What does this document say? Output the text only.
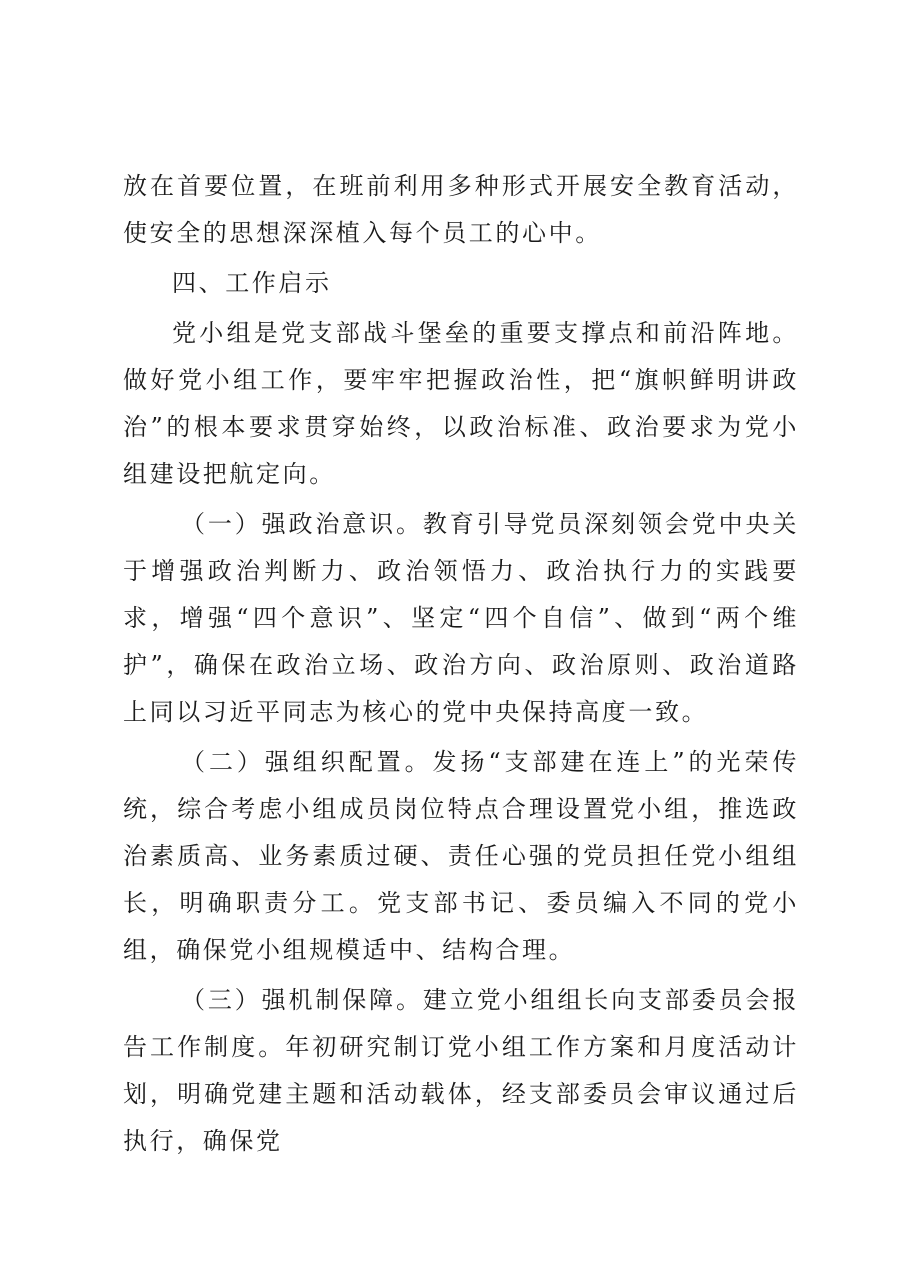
放在首要位置，在班前利用多种形式开展安全教育活动，使安全的思想深深植入每个员工的心中。

四、工作启示

党小组是党支部战斗堡垒的重要支撑点和前沿阵地。做好党小组工作，要牢牢把握政治性，把“旗帜鲜明讲政治”的根本要求贯穿始终，以政治标准、政治要求为党小组建设把航定向。

（一）强政治意识。教育引导党员深刻领会党中央关于增强政治判断力、政治领悟力、政治执行力的实践要求，增强“四个意识”、坚定“四个自信”、做到“两个维护”，确保在政治立场、政治方向、政治原则、政治道路上同以习近平同志为核心的党中央保持高度一致。

（二）强组织配置。发扬“支部建在连上”的光荣传统，综合考虑小组成员岗位特点合理设置党小组，推选政治素质高、业务素质过硬、责任心强的党员担任党小组组长，明确职责分工。党支部书记、委员编入不同的党小组，确保党小组规模适中、结构合理。

（三）强机制保障。建立党小组组长向支部委员会报告工作制度。年初研究制订党小组工作方案和月度活动计划，明确党建主题和活动载体，经支部委员会审议通过后执行，确保党
